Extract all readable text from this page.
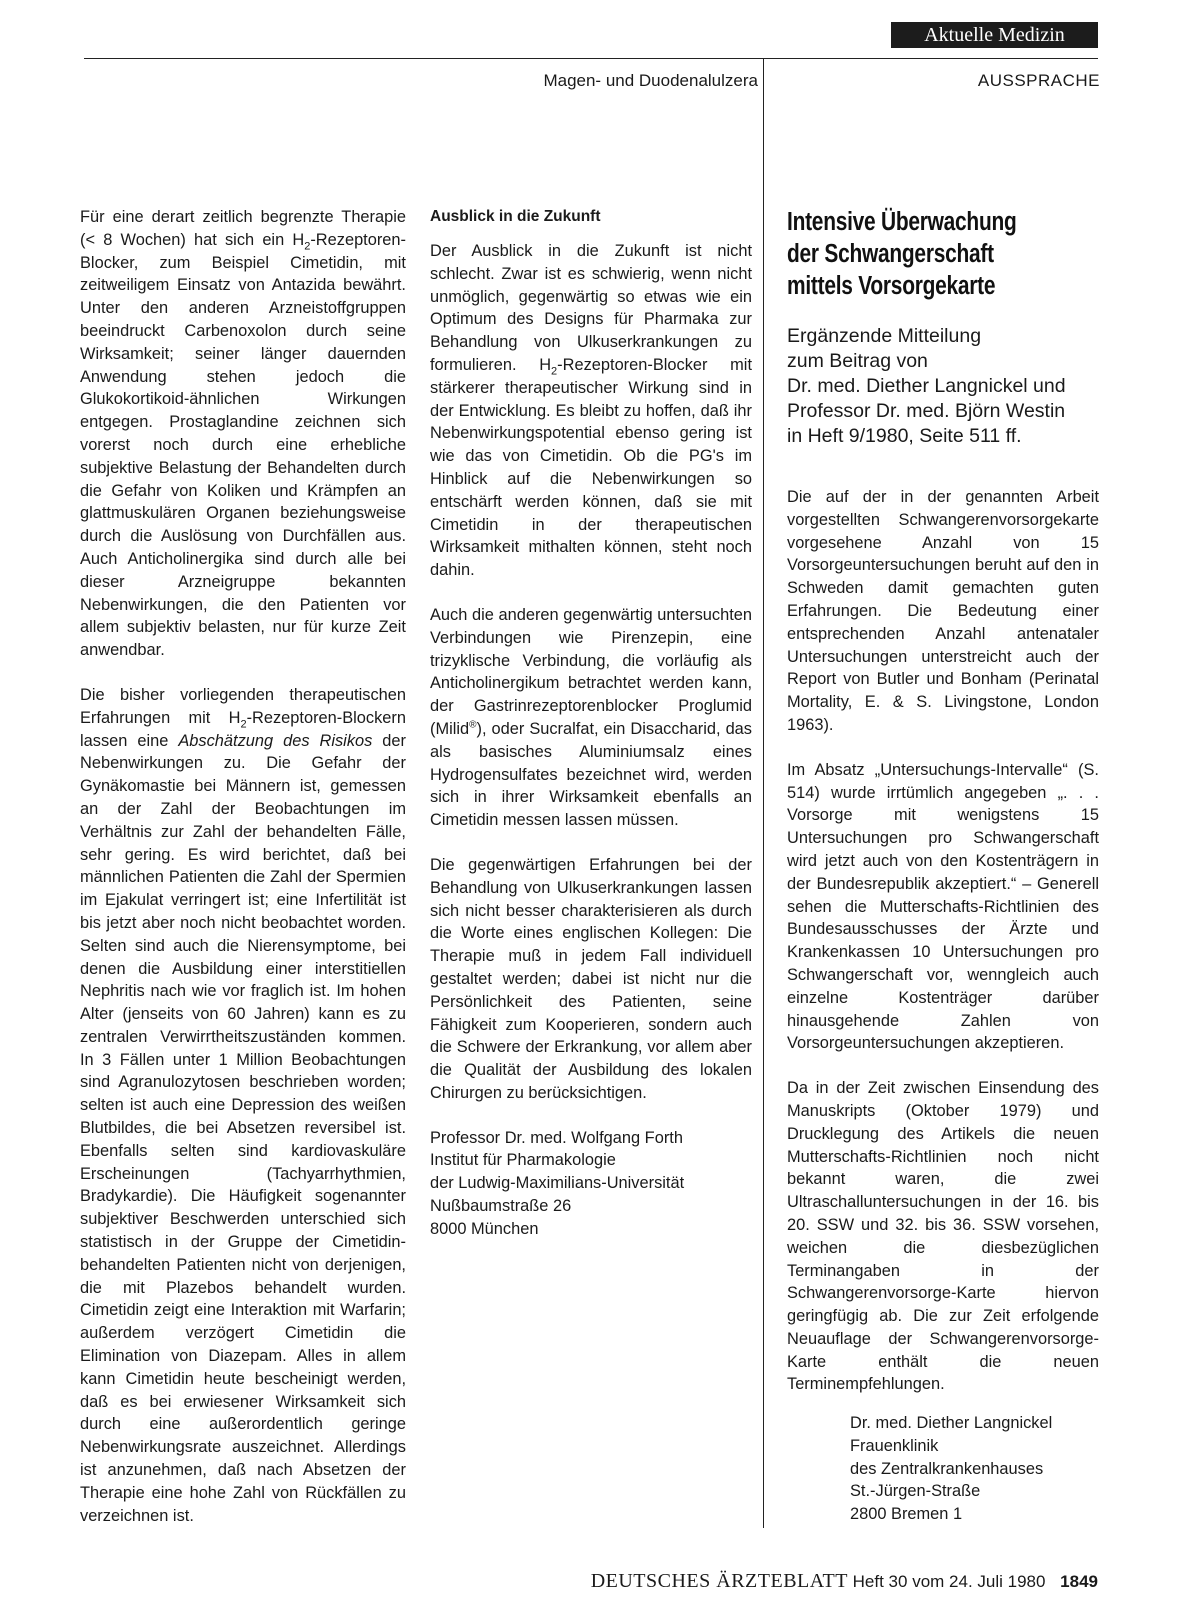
Aktuelle Medizin
Magen- und Duodenalulzera	AUSSPRACHE

Für eine derart zeitlich begrenzte Therapie (< 8 Wochen) hat sich ein $H_2-Rezeptoren$-Blocker, zum Beispiel Cimetidin, mit zeitweiligem Einsatz von Antazida bewährt. Unter den anderen Arzneistoffgruppen beeindruckt Carbenoxolon durch seine Wirksamkeit; seiner länger dauernden Anwendung stehen jedoch die Glukokortikoid-ähnlichen Wirkungen entgegen. Prostaglandine zeichnen sich vorerst noch durch eine erhebliche subjektive Belastung der Behandelten durch die Gefahr von Koliken und Krämpfen an glattmuskulären Organen beziehungsweise durch die Auslösung von Durchfällen aus. Auch Anticholinergika sind durch alle bei dieser Arzneigruppe bekannten Nebenwirkungen, die den Patienten vor allem subjektiv belasten, nur für kurze Zeit anwendbar.

Die bisher vorliegenden therapeutischen Erfahrungen mit $H_2-Rezeptoren$-Blockern lassen eine Abschätzung des Risikos der Nebenwirkungen zu. Die Gefahr der Gynäkomastie bei Männern ist, gemessen an der Zahl der Beobachtungen im Verhältnis zur Zahl der behandelten Fälle, sehr gering. Es wird berichtet, daß bei männlichen Patienten die Zahl der Spermien im Ejakulat verringert ist; eine Infertilität ist bis jetzt aber noch nicht beobachtet worden. Selten sind auch die Nierensymptome, bei denen die Ausbildung einer interstitiellen Nephritis nach wie vor fraglich ist. Im hohen Alter (jenseits von 60 Jahren) kann es zu zentralen Verwirrtheitszuständen kommen. In 3 Fällen unter 1 Million Beobachtungen sind Agranulozytosen beschrieben worden; selten ist auch eine Depression des weißen Blutbildes, die bei Absetzen reversibel ist. Ebenfalls selten sind kardiovaskuläre Erscheinungen (Tachyarrhythmien, Bradykardie). Die Häufigkeit sogenannter subjektiver Beschwerden unterschied sich statistisch in der Gruppe der Cimetidin-behandelten Patienten nicht von derjenigen, die mit Plazebos behandelt wurden. Cimetidin zeigt eine Interaktion mit Warfarin; außerdem verzögert Cimetidin die Elimination von Diazepam. Alles in allem kann Cimetidin heute bescheinigt werden, daß es bei erwiesener Wirksamkeit sich durch eine außerordentlich geringe Nebenwirkungsrate auszeichnet. Allerdings ist anzunehmen, daß nach Absetzen der Therapie eine hohe Zahl von Rückfällen zu verzeichnen ist.

Ausblick in die Zukunft

Der Ausblick in die Zukunft ist nicht schlecht. Zwar ist es schwierig, wenn nicht unmöglich, gegenwärtig so etwas wie ein Optimum des Designs für Pharmaka zur Behandlung von Ulkuserkrankungen zu formulieren. $H_2-Rezeptoren$-Blocker mit stärkerer therapeutischer Wirkung sind in der Entwicklung. Es bleibt zu hoffen, daß ihr Nebenwirkungspotential ebenso gering ist wie das von Cimetidin. Ob die PG's im Hinblick auf die Nebenwirkungen so entschärft werden können, daß sie mit Cimetidin in der therapeutischen Wirksamkeit mithalten können, steht noch dahin.

Auch die anderen gegenwärtig untersuchten Verbindungen wie Pirenzepin, eine trizyklische Verbindung, die vorläufig als Anticholinergikum betrachtet werden kann, der Gastrinrezeptorenblocker Proglumid (Milid®), oder Sucralfat, ein Disaccharid, das als basisches Aluminiumsalz eines Hydrogensulfates bezeichnet wird, werden sich in ihrer Wirksamkeit ebenfalls an Cimetidin messen lassen müssen.

Die gegenwärtigen Erfahrungen bei der Behandlung von Ulkuserkrankungen lassen sich nicht besser charakterisieren als durch die Worte eines englischen Kollegen: Die Therapie muß in jedem Fall individuell gestaltet werden; dabei ist nicht nur die Persönlichkeit des Patienten, seine Fähigkeit zum Kooperieren, sondern auch die Schwere der Erkrankung, vor allem aber die Qualität der Ausbildung des lokalen Chirurgen zu berücksichtigen.

Professor Dr. med. Wolfgang Forth
Institut für Pharmakologie
der Ludwig-Maximilians-Universität
Nußbaumstraße 26
8000 München
Intensive Überwachung
der Schwangerschaft
mittels Vorsorgekarte
Ergänzende Mitteilung
zum Beitrag von
Dr. med. Diether Langnickel und
Professor Dr. med. Björn Westin
in Heft 9/1980, Seite 511 ff.

Die auf der in der genannten Arbeit vorgestellten Schwangerenvorsorgekarte vorgesehene Anzahl von 15 Vorsorgeuntersuchungen beruht auf den in Schweden damit gemachten guten Erfahrungen. Die Bedeutung einer entsprechenden Anzahl antenataler Untersuchungen unterstreicht auch der Report von Butler und Bonham (Perinatal Mortality, E. & S. Livingstone, London 1963).

Im Absatz „Untersuchungs-Intervalle“ (S. 514) wurde irrtümlich angegeben „. . . Vorsorge mit wenigstens 15 Untersuchungen pro Schwangerschaft wird jetzt auch von den Kostenträgern in der Bundesrepublik akzeptiert.“ – Generell sehen die Mutterschafts-Richtlinien des Bundesausschusses der Ärzte und Krankenkassen 10 Untersuchungen pro Schwangerschaft vor, wenngleich auch einzelne Kostenträger darüber hinausgehende Zahlen von Vorsorgeuntersuchungen akzeptieren.

Da in der Zeit zwischen Einsendung des Manuskripts (Oktober 1979) und Drucklegung des Artikels die neuen Mutterschafts-Richtlinien noch nicht bekannt waren, die zwei Ultraschalluntersuchungen in der 16. bis 20. SSW und 32. bis 36. SSW vorsehen, weichen die diesbezüglichen Terminangaben in der Schwangerenvorsorge-Karte hiervon geringfügig ab. Die zur Zeit erfolgende Neuauflage der Schwangerenvorsorge-Karte enthält die neuen Terminempfehlungen.

Dr. med. Diether Langnickel
Frauenklinik
des Zentralkrankenhauses
St.-Jürgen-Straße
2800 Bremen 1
DEUTSCHES ÄRZTEBLATT Heft 30 vom 24. Juli 1980 1849
